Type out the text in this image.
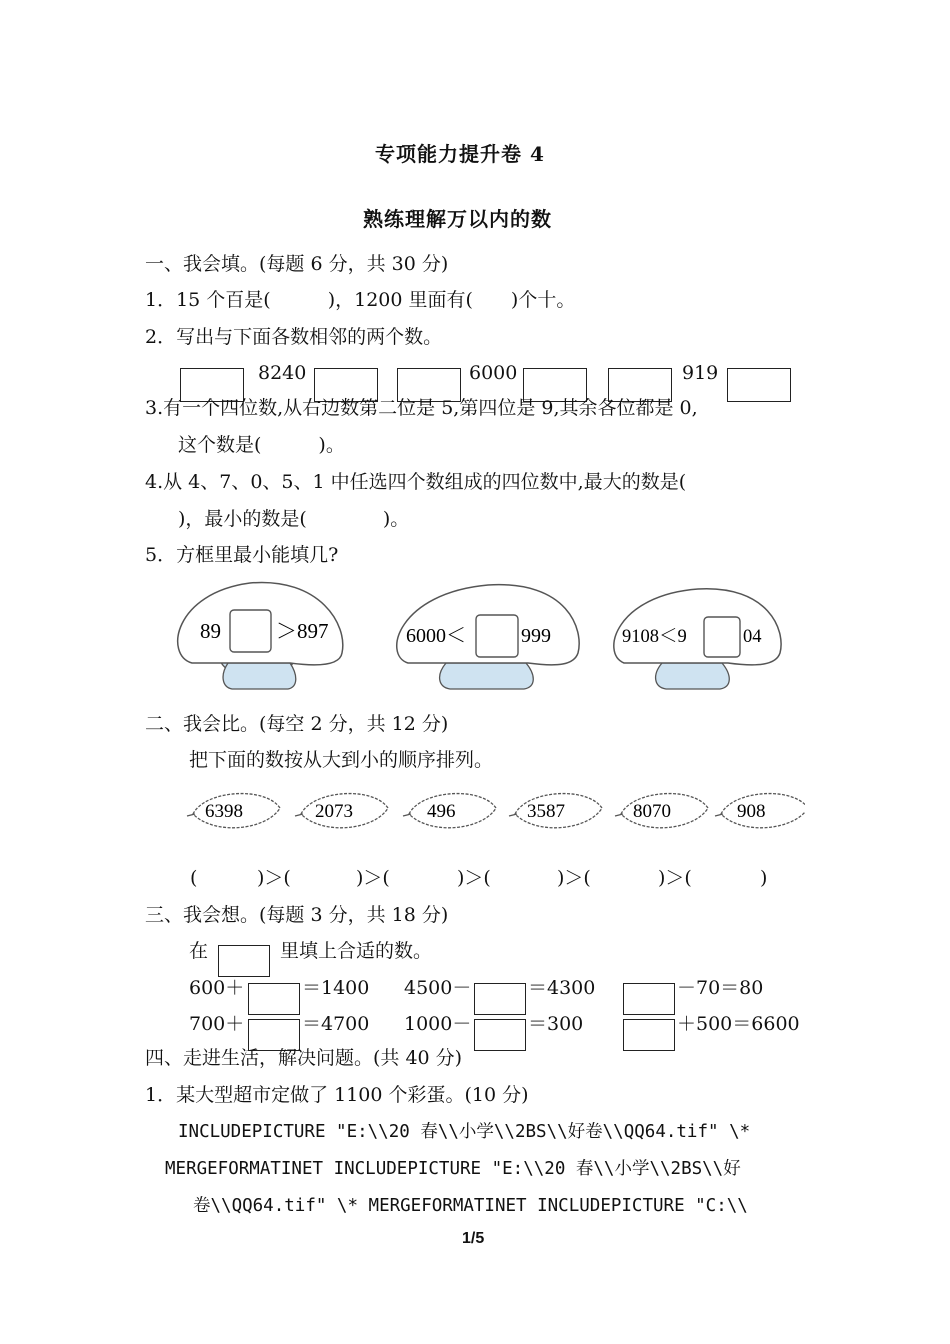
专项能力提升卷 4
熟练理解万以内的数
一、我会填。(每题 6 分，共 30 分)
1．15 个百是(　　　)，1200 里面有(　　)个十。
2．写出与下面各数相邻的两个数。
8240	6000	919
3.有一个四位数,从右边数第二位是 5,第四位是 9,其余各位都是 0,
这个数是(　　　)。
4.从 4、7、0、5、1 中任选四个数组成的四位数中,最大的数是(
)，最小的数是(　　　　)。
5．方框里最小能填几?
89	＞897	6000＜	999	9108＜9	04
二、我会比。(每空 2 分，共 12 分)
把下面的数按从大到小的顺序排列。
6398	2073	496	3587	8070	908
(	)＞(	)＞(	)＞(	)＞(	)＞(	)
三、我会想。(每题 3 分，共 18 分)
在	里填上合适的数。
600＋	＝1400 4500－	＝4300	－70＝80
700＋	＝4700 1000－	＝300	＋500＝6600
四、走进生活，解决问题。(共 40 分)
1．某大型超市定做了 1100 个彩蛋。(10 分)
INCLUDEPICTURE "E:\\20 春\\小学\\2BS\\好卷\\QQ64.tif" \*
MERGEFORMATINET INCLUDEPICTURE "E:\\20 春\\小学\\2BS\\好
卷\\QQ64.tif" \* MERGEFORMATINET INCLUDEPICTURE "C:\\
1/5
